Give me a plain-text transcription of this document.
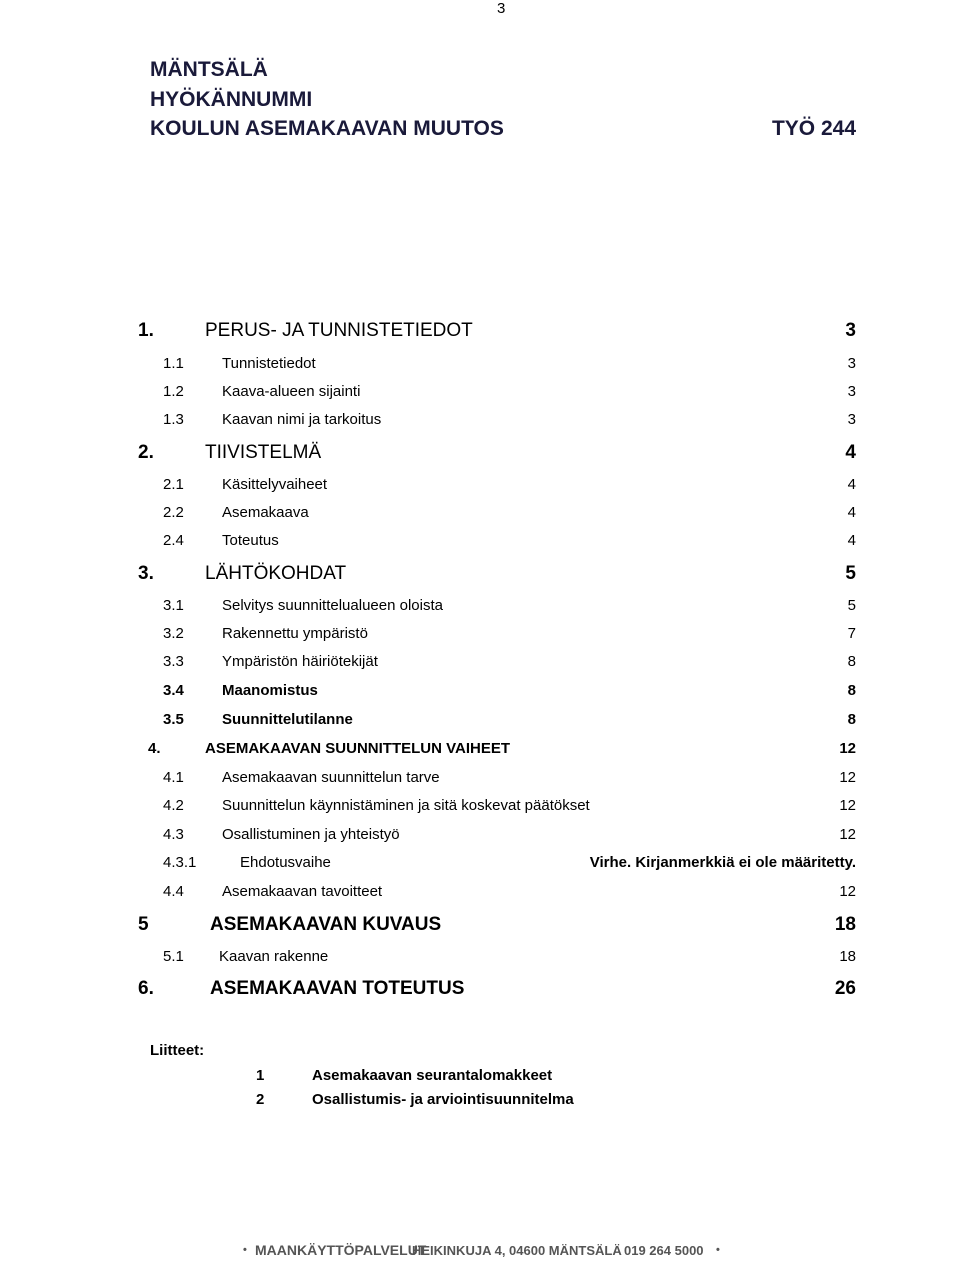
3
MÄNTSÄLÄ
HYÖKÄNNUMMI
KOULUN ASEMAKAAVAN MUUTOS	TYÖ 244
1.	PERUS- JA TUNNISTETIEDOT	3
1.1	Tunnistetiedot	3
1.2	Kaava-alueen sijainti	3
1.3	Kaavan nimi ja tarkoitus	3
2.	TIIVISTELMÄ	4
2.1	Käsittelyvaiheet	4
2.2	Asemakaava	4
2.4	Toteutus	4
3.	LÄHTÖKOHDAT	5
3.1	Selvitys suunnittelualueen oloista	5
3.2	Rakennettu ympäristö	7
3.3	Ympäristön häiriötekijät	8
3.4	Maanomistus	8
3.5	Suunnittelutilanne	8
4.	ASEMAKAAVAN SUUNNITTELUN VAIHEET	12
4.1	Asemakaavan suunnittelun tarve	12
4.2	Suunnittelun käynnistäminen ja sitä koskevat päätökset	12
4.3	Osallistuminen ja yhteistyö	12
4.3.1	Ehdotusvaihe	Virhe. Kirjanmerkkiä ei ole määritetty.
4.4	Asemakaavan tavoitteet	12
5	ASEMAKAAVAN KUVAUS	18
5.1 Kaavan rakenne	18
6.	ASEMAKAAVAN TOTEUTUS	26
Liitteet:
1	Asemakaavan seurantalomakkeet
2	Osallistumis- ja arviointisuunnitelma
• MAANKÄYTTÖPALVELUT
HEIKINKUJA 4, 04600 MÄNTSÄLÄ 019 264 5000 •
